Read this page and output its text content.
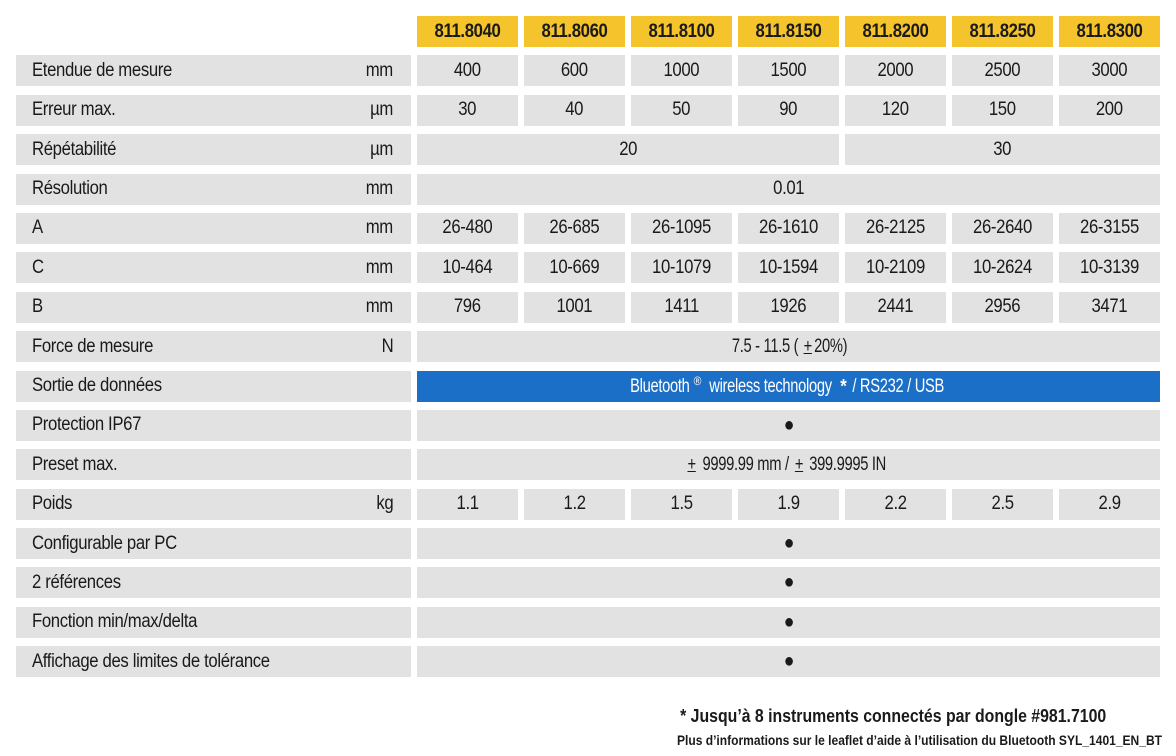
811.8040 811.8060 811.8100 811.8150 811.8200 811.8250 811.8300
Etendue de mesure	mm	400	600	1000	1500	2000	2500	3000
Erreur max.	µm	30	40	50	90	120	150	200
Répétabilité	µm	20	30
Résolution	mm	0.01
A	mm	26-480	26-685	26-1095	26-1610	26-2125	26-2640	26-3155
C	mm	10-464	10-669	10-1079	10-1594	10-2109	10-2624	10-3139
B	mm	796	1001	1411	1926	2441	2956	3471
Force de mesure	N	7.5 - 11.5 ( + 20%)
Sortie de données	Bluetooth ® wireless technology */ RS232 / USB
Protection IP67	●
Preset max.	+ 9999.99 mm /+ 399.9995 IN
Poids	kg	1.1	1.2	1.5	1.9	2.2	2.5	2.9
Configurable par PC	●
2 références	●
Fonction min/max/delta	●
Affichage des limites de tolérance	●
* Jusqu’à 8 instruments connectés par dongle #981.7100
Plus d’informations sur le leaflet d’aide à l’utilisation du Bluetooth SYL_1401_EN_BT
